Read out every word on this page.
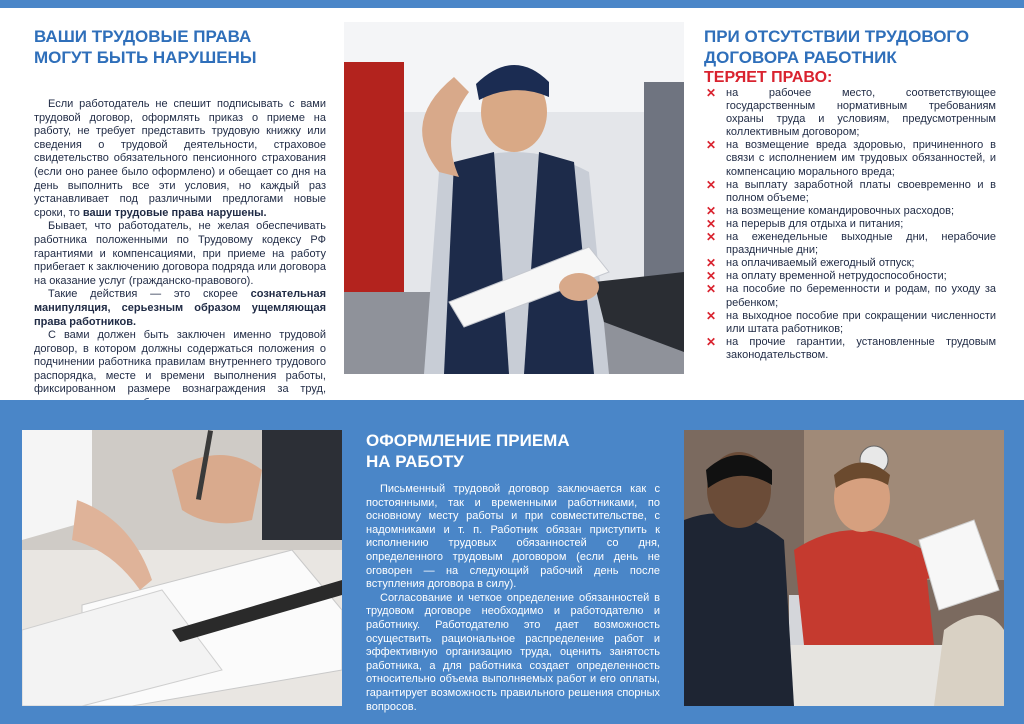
ВАШИ ТРУДОВЫЕ ПРАВА
МОГУТ БЫТЬ НАРУШЕНЫ

Если работодатель не спешит подписывать с вами трудовой договор, оформлять приказ о приеме на работу, не требует представить трудовую книжку или сведения о трудовой деятельности, страховое свидетельство обязательного пенсионного страхования (если оно ранее было оформлено) и обещает со дня на день выполнить все эти условия, но каждый раз устанавливает под различными предлогами новые сроки, то ваши трудовые права нарушены.

Бывает, что работодатель, не желая обеспечивать работника положенными по Трудовому кодексу РФ гарантиями и компенсациями, при приеме на работу прибегает к заключению договора подряда или договора на оказание услуг (гражданско-правового).

Такие действия — это скорее сознательная манипуляция, серьезным образом ущемляющая права работников.

С вами должен быть заключен именно трудовой договор, в котором должны содержаться положения о подчинении работника правилам внутреннего трудового распорядка, месте и времени выполнения работы, фиксированном размере вознаграждения за труд,

ПРИ ОТСУТСТВИИ ТРУДОВОГО
ДОГОВОРА РАБОТНИК
ТЕРЯЕТ ПРАВО:
✕ на рабочее место, соответствующее государственным нормативным требованиям охраны труда и условиям, предусмотренным коллективным договором;
✕ на возмещение вреда здоровью, причиненного в связи с исполнением им трудовых обязанностей, и компенсацию морального вреда;
✕ на выплату заработной платы своевременно и в полном объеме;
✕ на возмещение командировочных расходов;
✕ на перерыв для отдыха и питания;
✕ на еженедельные выходные дни, нерабочие праздничные дни;
✕ на оплачиваемый ежегодный отпуск;
✕ на оплату временной нетрудоспособности;
✕ на пособие по беременности и родам, по уходу за ребенком;
✕ на выходное пособие при сокращении численности или штата работников;
✕ на прочие гарантии, установленные трудовым законодательством.
ОФОРМЛЕНИЕ ПРИЕМА
НА РАБОТУ

Письменный трудовой договор заключается как с постоянными, так и временными работниками, по основному месту работы и при совместительстве, с надомниками и т. п. Работник обязан приступить к исполнению трудовых обязанностей со дня, определенного трудовым договором (если день не оговорен — на следующий рабочий день после вступления договора в силу).

Согласование и четкое определение обязанностей в трудовом договоре необходимо и работодателю и работнику. Работодателю это дает возможность осуществить рациональное распределение работ и эффективную организацию труда, оценить занятость работника, а для работника создает определенность относительно объема выполняемых работ и его оплаты, гарантирует возможность правильного решения спорных вопросов.
